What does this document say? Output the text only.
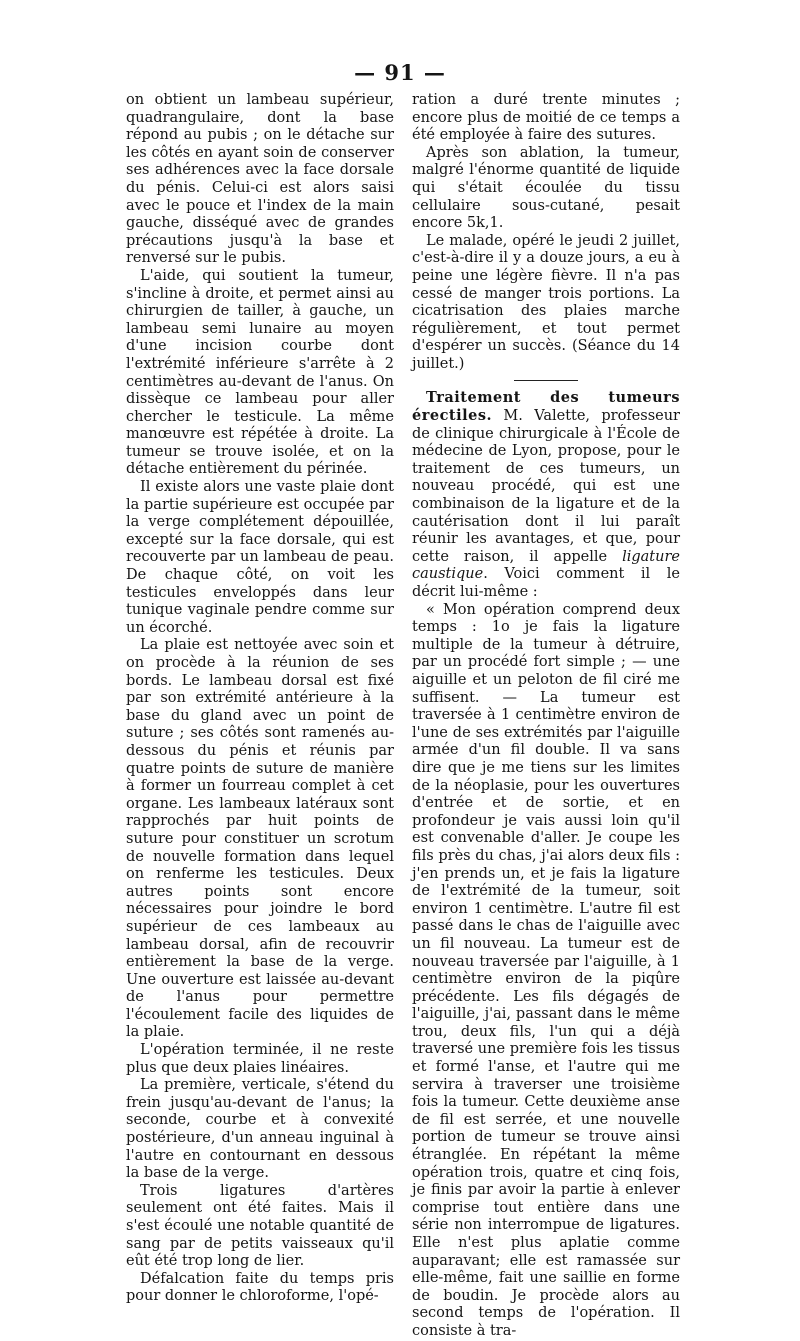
— 91 —

on obtient un lambeau supérieur, quadrangulaire, dont la base répond au pubis ; on le détache sur les côtés en ayant soin de conserver ses adhérences avec la face dorsale du pénis. Celui-ci est alors saisi avec le pouce et l'index de la main gauche, disséqué avec de grandes précautions jusqu'à la base et renversé sur le pubis.

L'aide, qui soutient la tumeur, s'incline à droite, et permet ainsi au chirurgien de tailler, à gauche, un lambeau semi lunaire au moyen d'une incision courbe dont l'extrémité inférieure s'arrête à 2 centimètres au-devant de l'anus. On dissèque ce lambeau pour aller chercher le testicule. La même manœuvre est répétée à droite. La tumeur se trouve isolée, et on la détache entièrement du périnée.

Il existe alors une vaste plaie dont la partie supérieure est occupée par la verge complétement dépouillée, excepté sur la face dorsale, qui est recouverte par un lambeau de peau. De chaque côté, on voit les testicules enveloppés dans leur tunique vaginale pendre comme sur un écorché.

La plaie est nettoyée avec soin et on procède à la réunion de ses bords. Le lambeau dorsal est fixé par son extrémité antérieure à la base du gland avec un point de suture ; ses côtés sont ramenés au-dessous du pénis et réunis par quatre points de suture de manière à former un fourreau complet à cet organe. Les lambeaux latéraux sont rapprochés par huit points de suture pour constituer un scrotum de nouvelle formation dans lequel on renferme les testicules. Deux autres points sont encore nécessaires pour joindre le bord supérieur de ces lambeaux au lambeau dorsal, afin de recouvrir entièrement la base de la verge. Une ouverture est laissée au-devant de l'anus pour permettre l'écoulement facile des liquides de la plaie.

L'opération terminée, il ne reste plus que deux plaies linéaires.

La première, verticale, s'étend du frein jusqu'au-devant de l'anus; la seconde, courbe et à convexité postérieure, d'un anneau inguinal à l'autre en contournant en dessous la base de la verge.

Trois ligatures d'artères seulement ont été faites. Mais il s'est écoulé une notable quantité de sang par de petits vaisseaux qu'il eût été trop long de lier.

Défalcation faite du temps pris pour donner le chloroforme, l'opé-

ration a duré trente minutes ; encore plus de moitié de ce temps a été employée à faire des sutures.

Après son ablation, la tumeur, malgré l'énorme quantité de liquide qui s'était écoulée du tissu cellulaire sous-cutané, pesait encore 5k,1.

Le malade, opéré le jeudi 2 juillet, c'est-à-dire il y a douze jours, a eu à peine une légère fièvre. Il n'a pas cessé de manger trois portions. La cicatrisation des plaies marche régulièrement, et tout permet d'espérer un succès. (Séance du 14 juillet.)

Traitement des tumeurs érectiles. M. Valette, professeur de clinique chirurgicale à l'École de médecine de Lyon, propose, pour le traitement de ces tumeurs, un nouveau procédé, qui est une combinaison de la ligature et de la cautérisation dont il lui paraît réunir les avantages, et que, pour cette raison, il appelle ligature caustique. Voici comment il le décrit lui-même :

« Mon opération comprend deux temps : 1o je fais la ligature multiple de la tumeur à détruire, par un procédé fort simple ; — une aiguille et un peloton de fil ciré me suffisent. — La tumeur est traversée à 1 centimètre environ de l'une de ses extrémités par l'aiguille armée d'un fil double. Il va sans dire que je me tiens sur les limites de la néoplasie, pour les ouvertures d'entrée et de sortie, et en profondeur je vais aussi loin qu'il est convenable d'aller. Je coupe les fils près du chas, j'ai alors deux fils : j'en prends un, et je fais la ligature de l'extrémité de la tumeur, soit environ 1 centimètre. L'autre fil est passé dans le chas de l'aiguille avec un fil nouveau. La tumeur est de nouveau traversée par l'aiguille, à 1 centimètre environ de la piqûre précédente. Les fils dégagés de l'aiguille, j'ai, passant dans le même trou, deux fils, l'un qui a déjà traversé une première fois les tissus et formé l'anse, et l'autre qui me servira à traverser une troisième fois la tumeur. Cette deuxième anse de fil est serrée, et une nouvelle portion de tumeur se trouve ainsi étranglée. En répétant la même opération trois, quatre et cinq fois, je finis par avoir la partie à enlever comprise tout entière dans une série non interrompue de ligatures. Elle n'est plus aplatie comme auparavant; elle est ramassée sur elle-même, fait une saillie en forme de boudin. Je procède alors au second temps de l'opération. Il consiste à tra-
